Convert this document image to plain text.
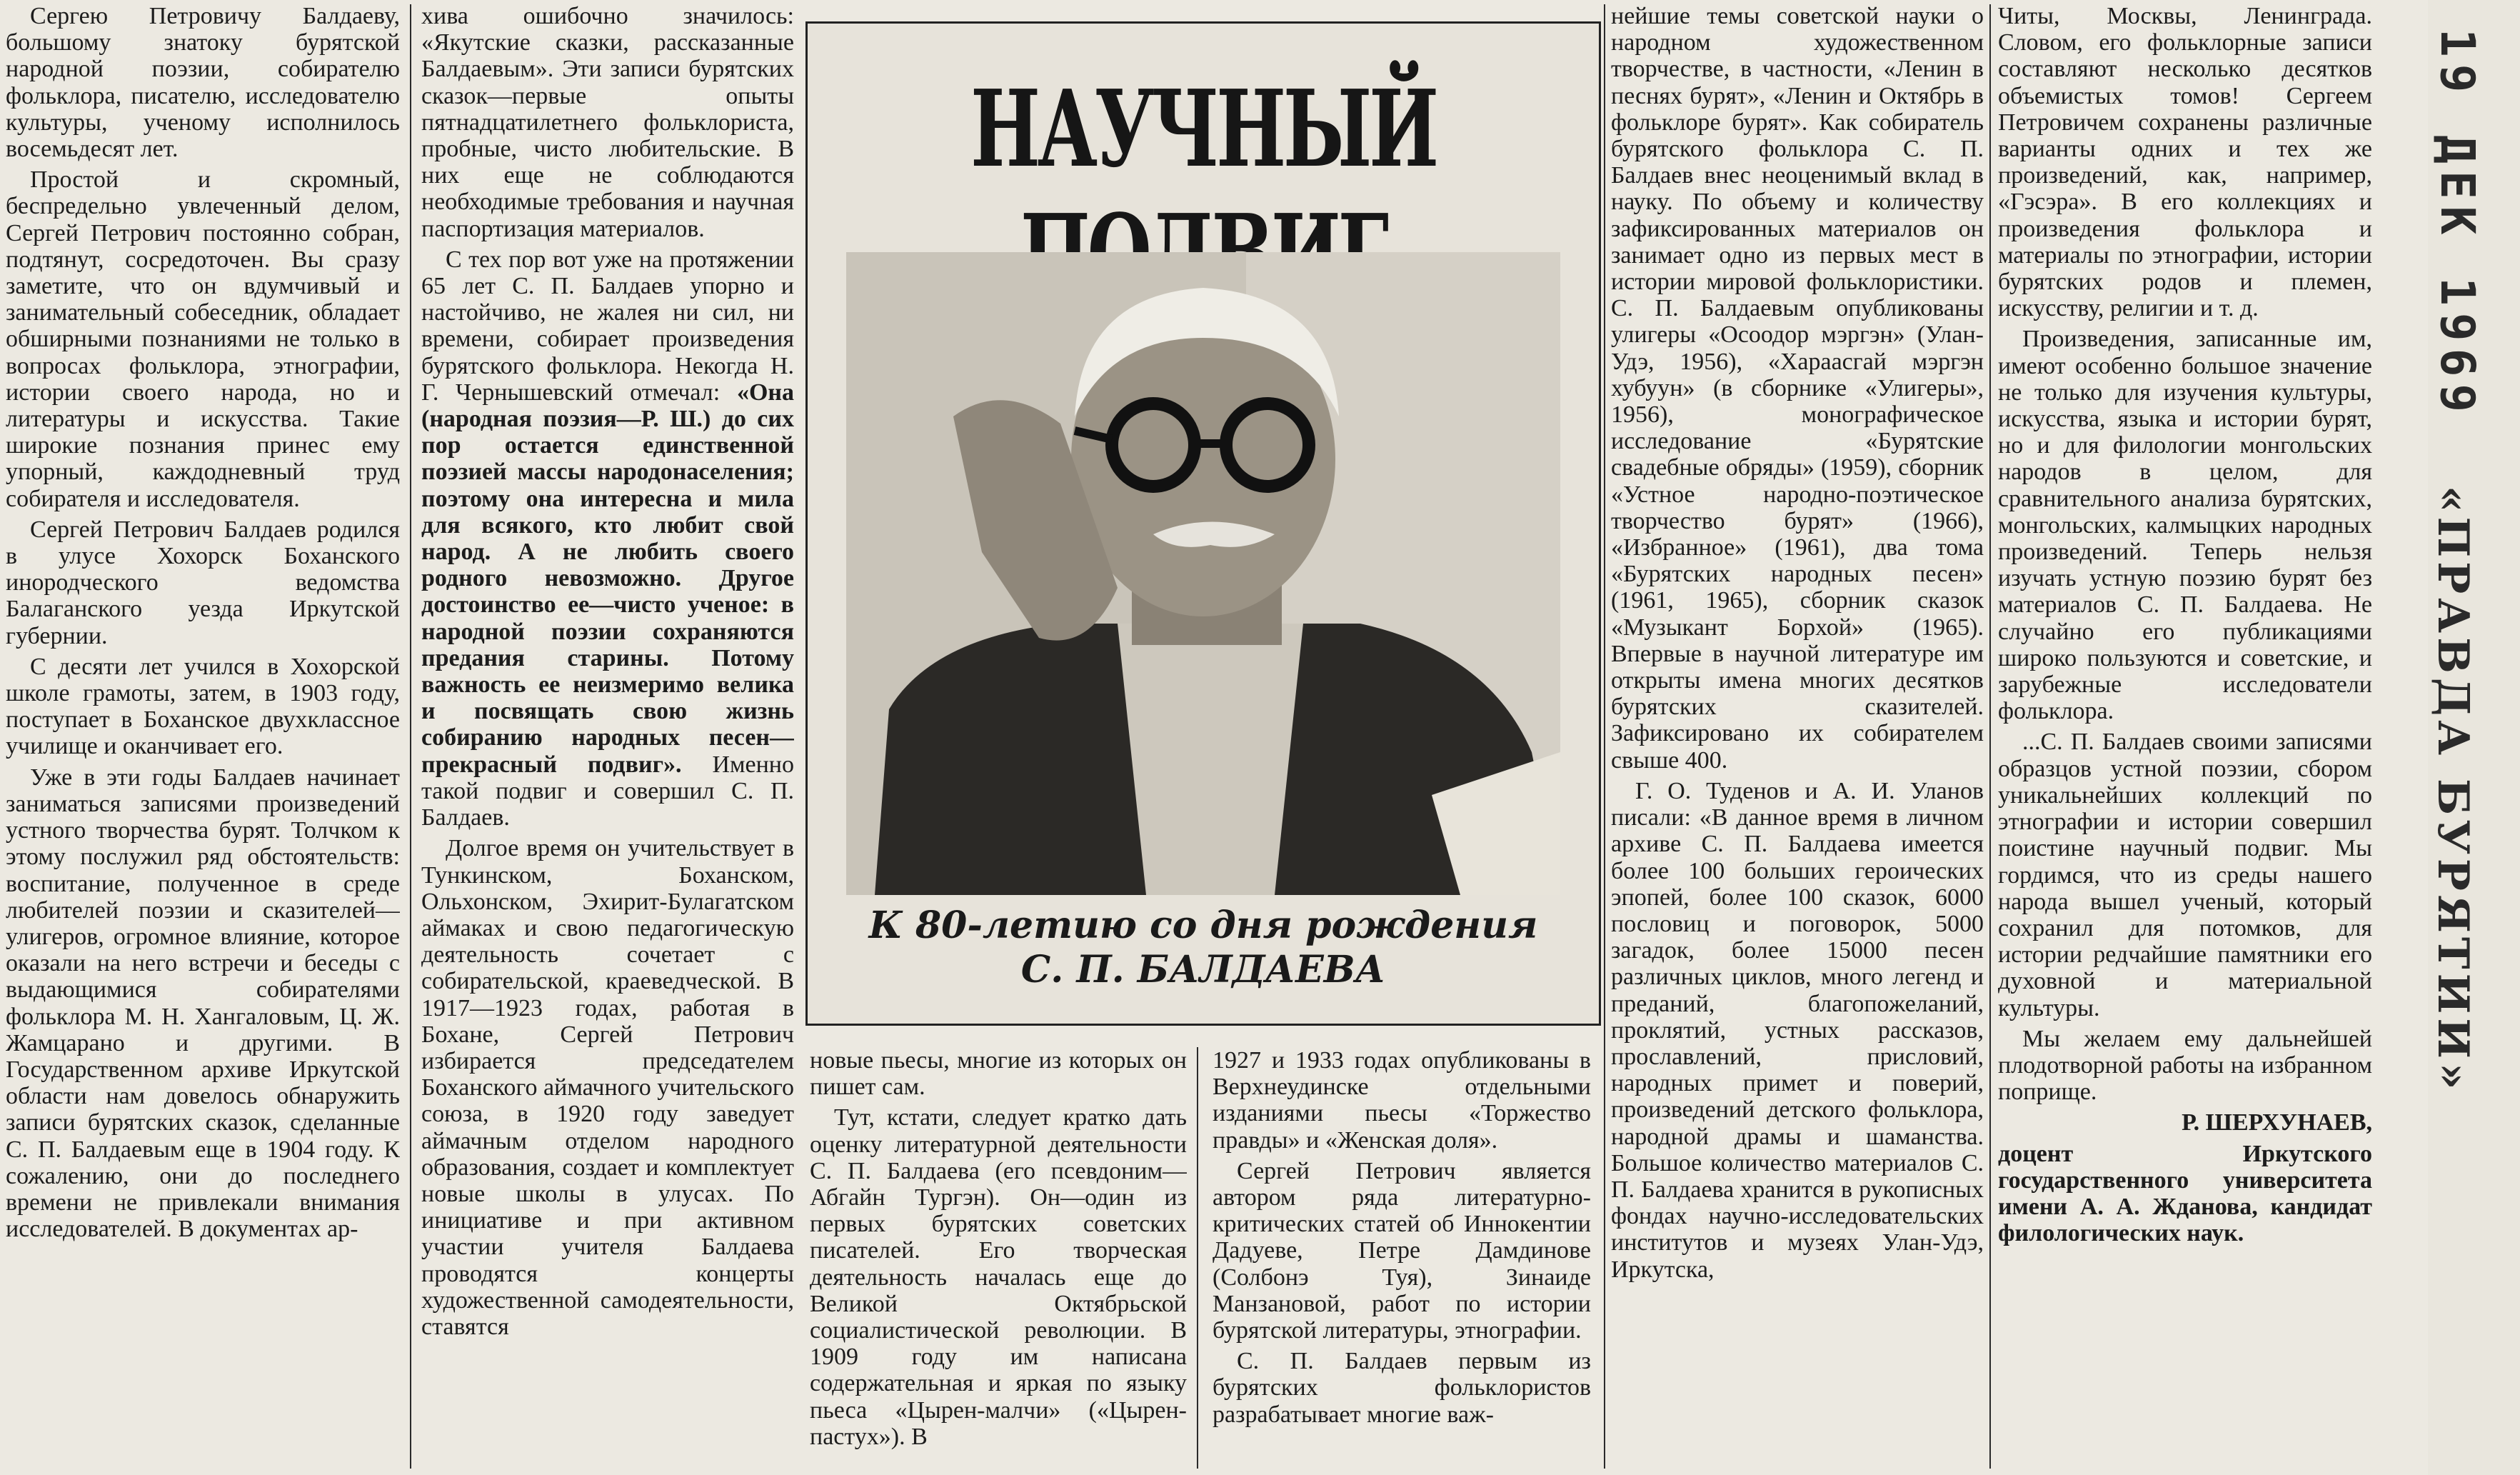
Сергею Петровичу Балдаеву, большому знатоку бурятской народной поэзии, собирателю фольклора, писателю, исследователю культуры, ученому исполнилось восемьдесят лет.

Простой и скромный, беспредельно увлеченный делом, Сергей Петрович постоянно собран, подтянут, сосредоточен. Вы сразу заметите, что он вдумчивый и занимательный собеседник, обладает обширными познаниями не только в вопросах фольклора, этнографии, истории своего народа, но и литературы и искусства. Такие широкие познания принес ему упорный, каждодневный труд собирателя и исследователя.

Сергей Петрович Балдаев родился в улусе Хохорск Боханского инородческого ведомства Балаганского уезда Иркутской губернии.

С десяти лет учился в Хохорской школе грамоты, затем, в 1903 году, поступает в Боханское двухклассное училище и оканчивает его.

Уже в эти годы Балдаев начинает заниматься записями произведений устного творчества бурят. Толчком к этому послужил ряд обстоятельств: воспитание, полученное в среде любителей поэзии и сказителей—улигеров, огромное влияние, которое оказали на него встречи и беседы с выдающимися собирателями фольклора М. Н. Хангаловым, Ц. Ж. Жамцарано и другими. В Государственном архиве Иркутской области нам довелось обнаружить записи бурятских сказок, сделанные С. П. Балдаевым еще в 1904 году. К сожалению, они до последнего времени не привлекали внимания исследователей. В документах ар-

хива ошибочно значилось: «Якутские сказки, рассказанные Балдаевым». Эти записи бурятских сказок—первые опыты пятнадцатилетнего фольклориста, пробные, чисто любительские. В них еще не соблюдаются необходимые требования и научная паспортизация материалов.

С тех пор вот уже на протяжении 65 лет С. П. Балдаев упорно и настойчиво, не жалея ни сил, ни времени, собирает произведения бурятского фольклора. Некогда Н. Г. Чернышевский отмечал: «Она (народная поэзия—Р. Ш.) до сих пор остается единственной поэзией массы народонаселения; поэтому она интересна и мила для всякого, кто любит свой народ. А не любить своего родного невозможно. Другое достоинство ее—чисто ученое: в народной поэзии сохраняются предания старины. Потому важность ее неизмеримо велика и посвящать свою жизнь собиранию народных песен—прекрасный подвиг». Именно такой подвиг и совершил С. П. Балдаев.

Долгое время он учительствует в Тункинском, Боханском, Ольхонском, Эхирит-Булагатском аймаках и свою педагогическую деятельность сочетает с собирательской, краеведческой. В 1917—1923 годах, работая в Бохане, Сергей Петрович избирается председателем Боханского аймачного учительского союза, в 1920 году заведует аймачным отделом народного образования, создает и комплектует новые школы в улусах. По инициативе и при активном участии учителя Балдаева проводятся концерты художественной самодеятельности, ставятся

НАУЧНЫЙ
К 80-летию со дня рождения
С. П. БАЛДАЕВА

новые пьесы, многие из которых он пишет сам.

Тут, кстати, следует кратко дать оценку литературной деятельности С. П. Балдаева (его псевдоним—Абгайн Тургэн). Он—один из первых бурятских советских писателей. Его творческая деятельность началась еще до Великой Октябрьской социалистической революции. В 1909 году им написана содержательная и яркая по языку пьеса «Цырен-малчи» («Цырен-пастух»). В

1927 и 1933 годах опубликованы в Верхнеудинске отдельными изданиями пьесы «Торжество правды» и «Женская доля».

Сергей Петрович является автором ряда литературно-критических статей об Иннокентии Дадуеве, Петре Дамдинове (Солбонэ Туя), Зинаиде Манзановой, работ по истории бурятской литературы, этнографии.

С. П. Балдаев первым из бурятских фольклористов разрабатывает многие важ-

нейшие темы советской науки о народном художественном творчестве, в частности, «Ленин в песнях бурят», «Ленин и Октябрь в фольклоре бурят». Как собиратель бурятского фольклора С. П. Балдаев внес неоценимый вклад в науку. По объему и количеству зафиксированных материалов он занимает одно из первых мест в истории мировой фольклористики. С. П. Балдаевым опубликованы улигеры «Осоодор мэргэн» (Улан-Удэ, 1956), «Хараасгай мэргэн хубуун» (в сборнике «Улигеры», 1956), монографическое исследование «Бурятские свадебные обряды» (1959), сборник «Устное народно-поэтическое творчество бурят» (1966), «Избранное» (1961), два тома «Бурятских народных песен» (1961, 1965), сборник сказок «Музыкант Борхой» (1965). Впервые в научной литературе им открыты имена многих десятков бурятских сказителей. Зафиксировано их собирателем свыше 400.

Г. О. Туденов и А. И. Уланов писали: «В данное время в личном архиве С. П. Балдаева имеется более 100 больших героических эпопей, более 100 сказок, 6000 пословиц и поговорок, 5000 загадок, более 15000 песен различных циклов, много легенд и преданий, благопожеланий, проклятий, устных рассказов, прославлений, присловий, народных примет и поверий, произведений детского фольклора, народной драмы и шаманства. Большое количество материалов С. П. Балдаева хранится в рукописных фондах научно-исследовательских институтов и музеях Улан-Удэ, Иркутска,

Читы, Москвы, Ленинграда. Словом, его фольклорные записи составляют несколько десятков объемистых томов! Сергеем Петровичем сохранены различные варианты одних и тех же произведений, как, например, «Гэсэра». В его коллекциях и произведения фольклора и материалы по этнографии, истории бурятских родов и племен, искусству, религии и т. д.

Произведения, записанные им, имеют особенно большое значение не только для изучения культуры, искусства, языка и истории бурят, но и для филологии монгольских народов в целом, для сравнительного анализа бурятских, монгольских, калмыцких народных произведений. Теперь нельзя изучать устную поэзию бурят без материалов С. П. Балдаева. Не случайно его публикациями широко пользуются и советские, и зарубежные исследователи фольклора.

...С. П. Балдаев своими записями образцов устной поэзии, сбором уникальнейших коллекций по этнографии и истории совершил поистине научный подвиг. Мы гордимся, что из среды нашего народа вышел ученый, который сохранил для потомков, для истории редчайшие памятники его духовной и материальной культуры.

Мы желаем ему дальнейшей плодотворной работы на избранном поприще.

Р. ШЕРХУНАЕВ,

доцент Иркутского государственного университета имени А. А. Жданова, кандидат филологических наук.

19 ДЕК 1969
«ПРАВДА БУРЯТИИ»
